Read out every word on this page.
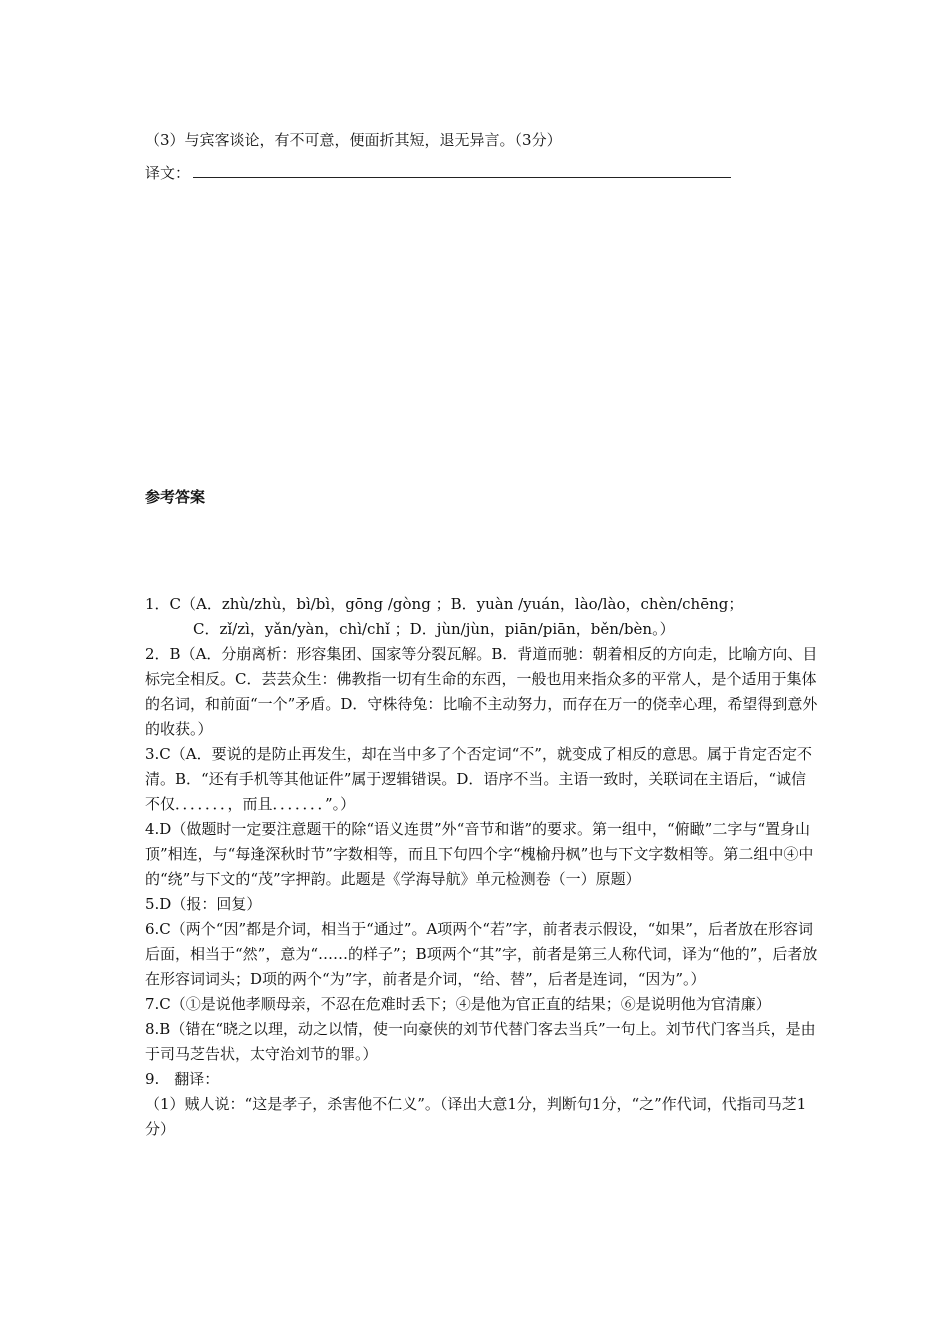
（3）与宾客谈论，有不可意，便面折其短，退无异言。（3分）
译文：
参考答案

1．C（A．zhù/zhù，bì/bì，gōng /gòng ；B．yuàn /yuán，lào/lào，chèn/chēng；

C．zǐ/zì，yǎn/yàn，chì/chǐ ；D．jùn/jùn，piān/piān，běn/bèn。）

2．B（A．分崩离析：形容集团、国家等分裂瓦解。B．背道而驰：朝着相反的方向走，比喻方向、目标完全相反。C．芸芸众生：佛教指一切有生命的东西，一般也用来指众多的平常人，是个适用于集体的名词，和前面“一个”矛盾。D．守株待兔：比喻不主动努力，而存在万一的侥幸心理，希望得到意外的收获。）

3.C（A．要说的是防止再发生，却在当中多了个否定词“不”，就变成了相反的意思。属于肯定否定不清。B．“还有手机等其他证件”属于逻辑错误。D．语序不当。主语一致时，关联词在主语后，“诚信不仅．．．．．．．，而且．．．．．．．”。）

4.D（做题时一定要注意题干的除“语义连贯”外“音节和谐”的要求。第一组中，“俯瞰”二字与“置身山顶”相连，与“每逢深秋时节”字数相等，而且下句四个字“槐榆丹枫”也与下文字数相等。第二组中④中的“绕”与下文的“茂”字押韵。此题是《学海导航》单元检测卷（一）原题）

5.D（报：回复）

6.C（两个“因”都是介词，相当于“通过”。A项两个“若”字，前者表示假设，“如果”，后者放在形容词后面，相当于“然”，意为“……的样子”；B项两个“其”字，前者是第三人称代词，译为“他的”，后者放在形容词词头；D项的两个“为”字，前者是介词，“给、替”，后者是连词，“因为”。）

7.C（①是说他孝顺母亲，不忍在危难时丢下；④是他为官正直的结果；⑥是说明他为官清廉）

8.B（错在“晓之以理，动之以情，使一向豪侠的刘节代替门客去当兵”一句上。刘节代门客当兵，是由于司马芝告状，太守治刘节的罪。）

9.　翻译：

（1）贼人说：“这是孝子，杀害他不仁义”。（译出大意1分，判断句1分，“之”作代词，代指司马芝1分）
